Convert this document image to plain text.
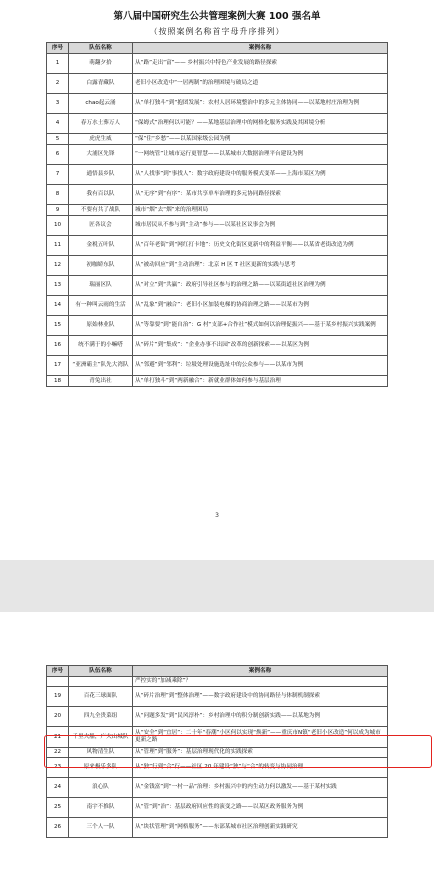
第八届中国研究生公共管理案例大赛 100 强名单
（按照案例名称首字母升序排列）
序号	队伍名称	案例名称
1	萌翻夕拾	从“路”走出“富”—— 乡村振兴中特色产业发展的路径探索
2	白露青藏队	老旧小区改造中“一居两制”的治理困境与破局之道
3	chao起云涌	从“单打独斗”到“抱团发展”：农村人居环境整治中的多元主体协同——以某地村庄治理为例
4	春万水土葬万人	“保姆式”治理何以可能？——某地基层治理中的网格化服务实践及其困境分析
5	虎虎生威	“保”住“乡愁”——以某国家级公园为例
6	大浦区先锋	“一网统管”让城市运行更智慧——以某城市大数据治理平台建设为例
7	通悟县乡队	从“人找事”到“事找人”：数字政府建设中的服务模式变革——上海市某区为例
8	我有百以队	从“无序”到“有序”：某市共享单车治理的多元协同路径探索
9	不要有共了战队	城市“烟”去“烟”来的治理困局
10	匠各议会	城市居民从不参与到“主动”参与——以某社区议事会为例
11	金税五叶队	从“百年老街”到“网红打卡地”：历史文化街区更新中的利益平衡——以某省老街改造为例
12	初咖娇东队	从“被动回应”到“主动治理”：北京 H 区 T 社区更新的实践与思考
13	瑞丽区队	从“对立”到“共赢”：政府引导社区参与的治理之路——以某街道社区治理为例
14	有一种叫云雨的生活	从“乱象”到“融合”：老旧小区加装电梯的协商治理之路——以某市为例
15	原始林业队	从“等靠要”到“能自治”：G 村“支部+合作社”模式如何以治理促振兴——基于某乡村振兴实践案例
16	统不满于的小嘛嗒	从“碎片”到“集成”：“企业办事不出园”改革的创新探索——以某区为例
17	“亚洲霸主”队先大湾队	从“邻避”到“邻利”：垃圾处理设施选址中的公众参与——以某市为例
18	青兔出社	从“单打独斗”到“两新融合”：新就业群体如何参与基层治理
3
序号	队伍名称	案例名称
		严控实的“加减乘除”？
19	百花三球面队	从“碎片治理”到“整体治理”——数字政府建设中的协同路径与体制机制探索
20	四九全贵菜组	从“问题多发”到“民风淳朴”：乡村治理中的积分制创新实践——以某地为例
21	千里大船，广大山城队	从“安全”到“宜居”：二十年“春潮”小区何以实现“焕新”——重庆市N镇“老旧小区改造”何以成为城市更新之路
22	风物清生队	从“管理”到“服务”：基层治理现代化的实践探索
23	原来极乐多队	从“独”行到“合”行——社区 20 年建设“独”与“合”的转变与协同治理
24	浪心队	从“金钱富”到“一村一品”治理：乡村振兴中的内生动力何以激发——基于某村实践
25	南宇不推队	从“管”到“治”：基层政府回应性的演变之路——以某区政务服务为例
26	三个人一队	从“块状管理”到“网格服务”——东部某城市社区治理创新实践研究
